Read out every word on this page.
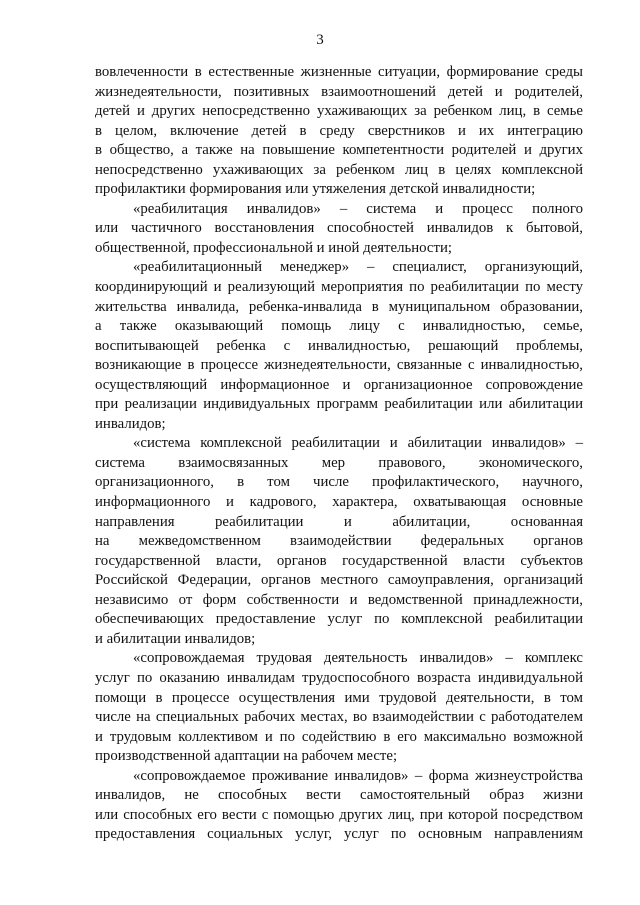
3
вовлеченности в естественные жизненные ситуации, формирование среды
жизнедеятельности, позитивных взаимоотношений детей и родителей,
детей и других непосредственно ухаживающих за ребенком лиц, в семье
в целом, включение детей в среду сверстников и их интеграцию
в общество, а также на повышение компетентности родителей и других
непосредственно ухаживающих за ребенком лиц в целях комплексной
профилактики формирования или утяжеления детской инвалидности;
«реабилитация инвалидов» – система и процесс полного
или частичного восстановления способностей инвалидов к бытовой,
общественной, профессиональной и иной деятельности;
«реабилитационный менеджер» – специалист, организующий,
координирующий и реализующий мероприятия по реабилитации по месту
жительства инвалида, ребенка-инвалида в муниципальном образовании,
а также оказывающий помощь лицу с инвалидностью, семье,
воспитывающей ребенка с инвалидностью, решающий проблемы,
возникающие в процессе жизнедеятельности, связанные с инвалидностью,
осуществляющий информационное и организационное сопровождение
при реализации индивидуальных программ реабилитации или абилитации
инвалидов;
«система комплексной реабилитации и абилитации инвалидов» –
система взаимосвязанных мер правового, экономического,
организационного, в том числе профилактического, научного,
информационного и кадрового, характера, охватывающая основные
направления реабилитации и абилитации, основанная
на межведомственном взаимодействии федеральных органов
государственной власти, органов государственной власти субъектов
Российской Федерации, органов местного самоуправления, организаций
независимо от форм собственности и ведомственной принадлежности,
обеспечивающих предоставление услуг по комплексной реабилитации
и абилитации инвалидов;
«сопровождаемая трудовая деятельность инвалидов» – комплекс
услуг по оказанию инвалидам трудоспособного возраста индивидуальной
помощи в процессе осуществления ими трудовой деятельности, в том
числе на специальных рабочих местах, во взаимодействии с работодателем
и трудовым коллективом и по содействию в его максимально возможной
производственной адаптации на рабочем месте;
«сопровождаемое проживание инвалидов» – форма жизнеустройства
инвалидов, не способных вести самостоятельный образ жизни
или способных его вести с помощью других лиц, при которой посредством
предоставления социальных услуг, услуг по основным направлениям
